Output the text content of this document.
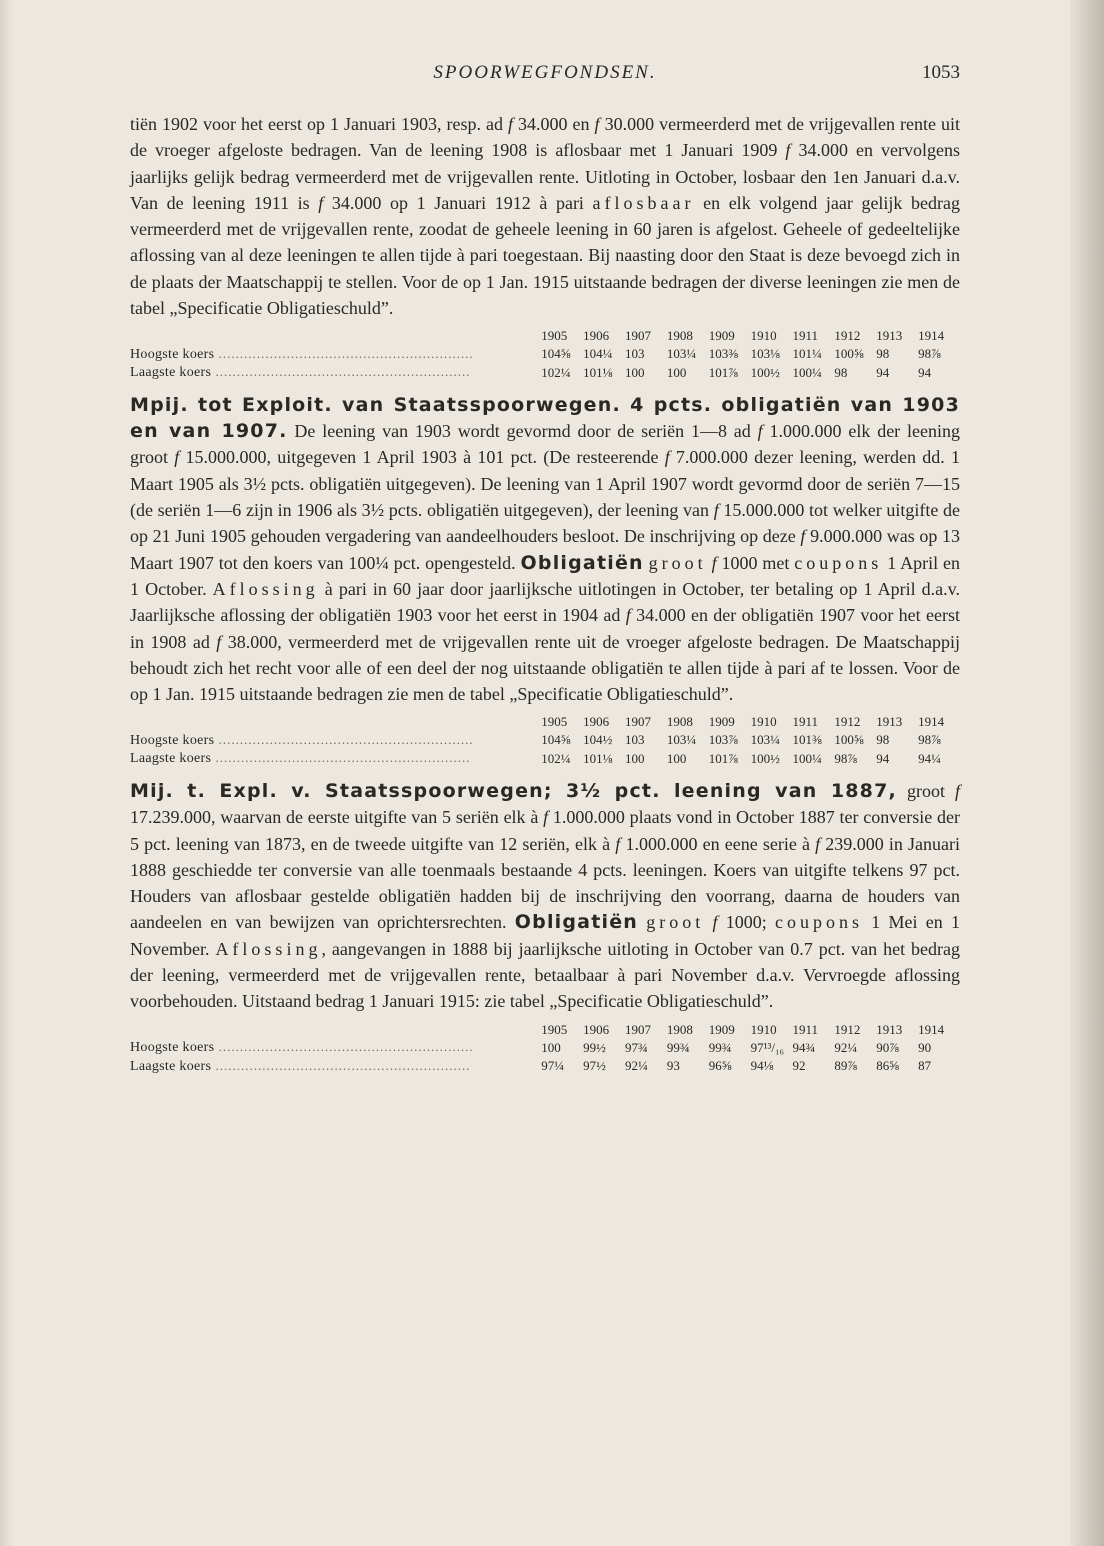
SPOORWEGFONDSEN.	1053

tiën 1902 voor het eerst op 1 Januari 1903, resp. ad f 34.000 en f 30.000 vermeerderd met de vrijgevallen rente uit de vroeger afgeloste bedragen. Van de leening 1908 is aflosbaar met 1 Januari 1909 f 34.000 en vervolgens jaarlijks gelijk bedrag vermeerderd met de vrijgevallen rente. Uitloting in October, losbaar den 1en Januari d.a.v. Van de leening 1911 is f 34.000 op 1 Januari 1912 à pari aflosbaar en elk volgend jaar gelijk bedrag vermeerderd met de vrijgevallen rente, zoodat de geheele leening in 60 jaren is afgelost. Geheele of gedeeltelijke aflossing van al deze leeningen te allen tijde à pari toegestaan. Bij naasting door den Staat is deze bevoegd zich in de plaats der Maatschappij te stellen. Voor de op 1 Jan. 1915 uitstaande bedragen der diverse leeningen zie men de tabel „Specificatie Obligatieschuld”.

	1905	1906	1907	1908	1909	1910	1911	1912	1913	1914
Hoogste koers ............................................................	104⅝	104¼	103	103¼	103⅜	103⅛	101¼	100⅝	98	98⅞
Laagste koers ............................................................	102¼	101⅛	100	100	101⅞	100½	100¼	98	94	94

Mpij. tot Exploit. van Staatsspoorwegen. 4 pcts. obligatiën van 1903 en van 1907. De leening van 1903 wordt gevormd door de seriën 1—8 ad f 1.000.000 elk der leening groot f 15.000.000, uitgegeven 1 April 1903 à 101 pct. (De resteerende f 7.000.000 dezer leening, werden dd. 1 Maart 1905 als 3½ pcts. obligatiën uitgegeven). De leening van 1 April 1907 wordt gevormd door de seriën 7—15 (de seriën 1—6 zijn in 1906 als 3½ pcts. obligatiën uitgegeven), der leening van f 15.000.000 tot welker uitgifte de op 21 Juni 1905 gehouden vergadering van aandeelhouders besloot. De inschrijving op deze f 9.000.000 was op 13 Maart 1907 tot den koers van 100¼ pct. opengesteld. Obligatiën groot f 1000 met coupons 1 April en 1 October. Aflossing à pari in 60 jaar door jaarlijksche uitlotingen in October, ter betaling op 1 April d.a.v. Jaarlijksche aflossing der obligatiën 1903 voor het eerst in 1904 ad f 34.000 en der obligatiën 1907 voor het eerst in 1908 ad f 38.000, vermeerderd met de vrijgevallen rente uit de vroeger afgeloste bedragen. De Maatschappij behoudt zich het recht voor alle of een deel der nog uitstaande obligatiën te allen tijde à pari af te lossen. Voor de op 1 Jan. 1915 uitstaande bedragen zie men de tabel „Specificatie Obligatieschuld”.

	1905	1906	1907	1908	1909	1910	1911	1912	1913	1914
Hoogste koers ............................................................	104⅝	104½	103	103¼	103⅞	103¼	101⅜	100⅝	98	98⅞
Laagste koers ............................................................	102¼	101⅛	100	100	101⅞	100½	100¼	98⅞	94	94¼

Mij. t. Expl. v. Staatsspoorwegen; 3½ pct. leening van 1887, groot f 17.239.000, waarvan de eerste uitgifte van 5 seriën elk à f 1.000.000 plaats vond in October 1887 ter conversie der 5 pct. leening van 1873, en de tweede uitgifte van 12 seriën, elk à f 1.000.000 en eene serie à f 239.000 in Januari 1888 geschiedde ter conversie van alle toenmaals bestaande 4 pcts. leeningen. Koers van uitgifte telkens 97 pct. Houders van aflosbaar gestelde obligatiën hadden bij de inschrijving den voorrang, daarna de houders van aandeelen en van bewijzen van oprichtersrechten. Obligatiën groot f 1000; coupons 1 Mei en 1 November. Aflossing, aangevangen in 1888 bij jaarlijksche uitloting in October van 0.7 pct. van het bedrag der leening, vermeerderd met de vrijgevallen rente, betaalbaar à pari November d.a.v. Vervroegde aflossing voorbehouden. Uitstaand bedrag 1 Januari 1915: zie tabel „Specificatie Obligatieschuld”.

	1905	1906	1907	1908	1909	1910	1911	1912	1913	1914
Hoogste koers ............................................................	100	99½	97¾	99¾	99¾	97¹³/₁₆	94¾	92¼	90⅞	90
Laagste koers ............................................................	97¼	97½	92¼	93	96⅝	94⅛	92	89⅞	86⅝	87
